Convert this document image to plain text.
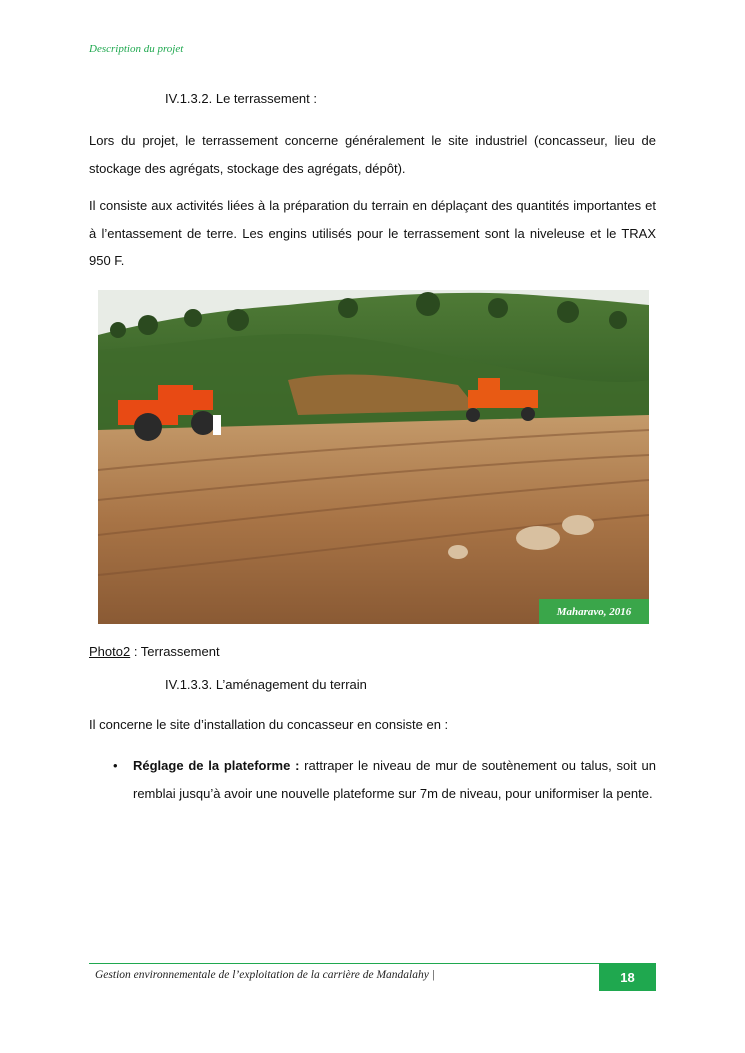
Description du projet
IV.1.3.2. Le terrassement :

Lors du projet, le terrassement concerne généralement le site industriel (concasseur, lieu de stockage des agrégats, stockage des agrégats, dépôt).

Il consiste aux activités liées à la préparation du terrain en déplaçant des quantités importantes et à l’entassement de terre. Les engins utilisés pour le terrassement sont la niveleuse et le TRAX 950 F.

Maharavo, 2016
Photo2 : Terrassement
IV.1.3.3. L’aménagement du terrain

Il concerne le site d’installation du concasseur en consiste en :

• Réglage de la plateforme : rattraper le niveau de mur de soutènement ou talus, soit un remblai jusqu’à avoir une nouvelle plateforme sur 7m de niveau, pour uniformiser la pente.

Gestion environnementale de l’exploitation de la carrière de Mandalahy |	18
